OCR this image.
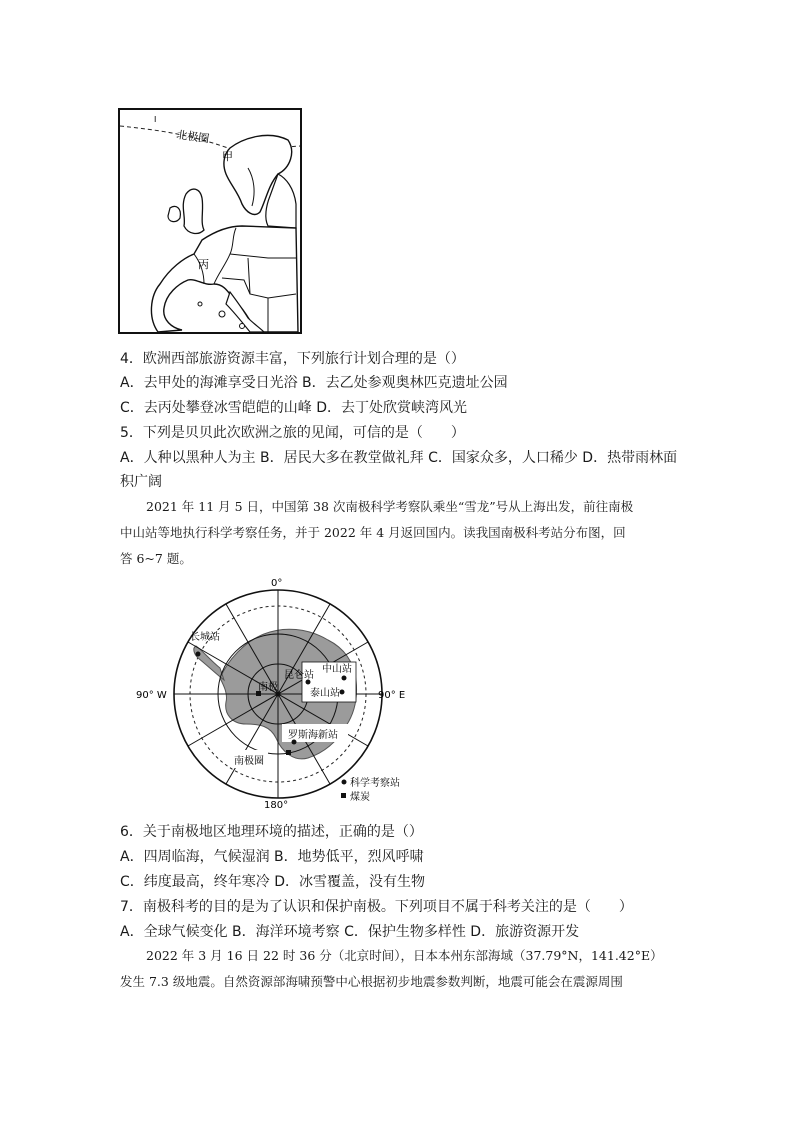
I
北极圈
甲
丙
4．欧洲西部旅游资源丰富，下列旅行计划合理的是（）
A．去甲处的海滩享受日光浴 B．去乙处参观奥林匹克遗址公园
C．去丙处攀登冰雪皑皑的山峰 D．去丁处欣赏峡湾风光
5．下列是贝贝此次欧洲之旅的见闻，可信的是（　　）
A．人种以黑种人为主 B．居民大多在教堂做礼拜 C．国家众多，人口稀少 D．热带雨林面
积广阔
2021 年 11 月 5 日，中国第 38 次南极科学考察队乘坐“雪龙”号从上海出发，前往南极
中山站等地执行科学考察任务，并于 2022 年 4 月返回国内。读我国南极科考站分布图，回
答 6~7 题。
0°
90° W	90° E
180°
长城站
中山站
昆仑站
泰山站
南极
罗斯海新站
南极圈
科学考察站
煤炭
6．关于南极地区地理环境的描述，正确的是（）
A．四周临海，气候湿润 B．地势低平，烈风呼啸
C．纬度最高，终年寒冷 D．冰雪覆盖，没有生物
7．南极科考的目的是为了认识和保护南极。下列项目不属于科考关注的是（　　）
A．全球气候变化 B．海洋环境考察 C．保护生物多样性 D．旅游资源开发
2022 年 3 月 16 日 22 时 36 分（北京时间），日本本州东部海域（37.79°N，141.42°E）
发生 7.3 级地震。自然资源部海啸预警中心根据初步地震参数判断，地震可能会在震源周围
